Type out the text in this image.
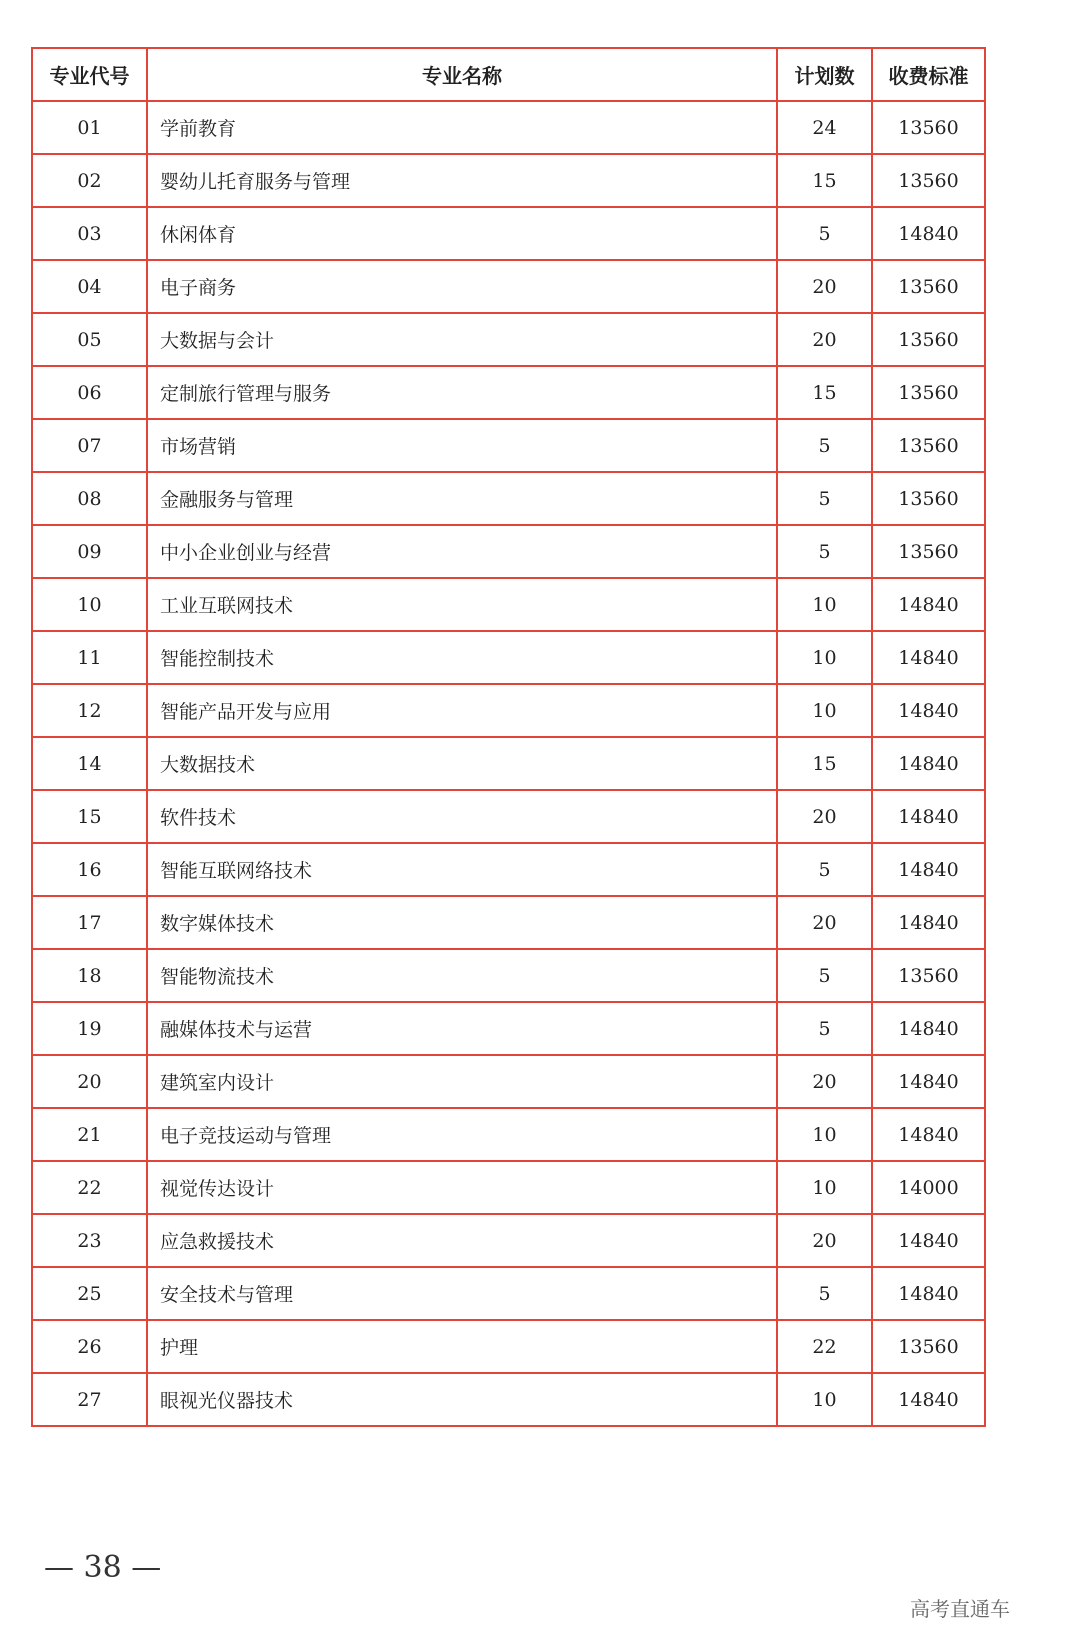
专业代号	专业名称	计划数	收费标准
01	学前教育	24	13560
02	婴幼儿托育服务与管理	15	13560
03	休闲体育	5	14840
04	电子商务	20	13560
05	大数据与会计	20	13560
06	定制旅行管理与服务	15	13560
07	市场营销	5	13560
08	金融服务与管理	5	13560
09	中小企业创业与经营	5	13560
10	工业互联网技术	10	14840
11	智能控制技术	10	14840
12	智能产品开发与应用	10	14840
14	大数据技术	15	14840
15	软件技术	20	14840
16	智能互联网络技术	5	14840
17	数字媒体技术	20	14840
18	智能物流技术	5	13560
19	融媒体技术与运营	5	14840
20	建筑室内设计	20	14840
21	电子竞技运动与管理	10	14840
22	视觉传达设计	10	14000
23	应急救援技术	20	14840
25	安全技术与管理	5	14840
26	护理	22	13560
27	眼视光仪器技术	10	14840
— 38 —
高考直通车
